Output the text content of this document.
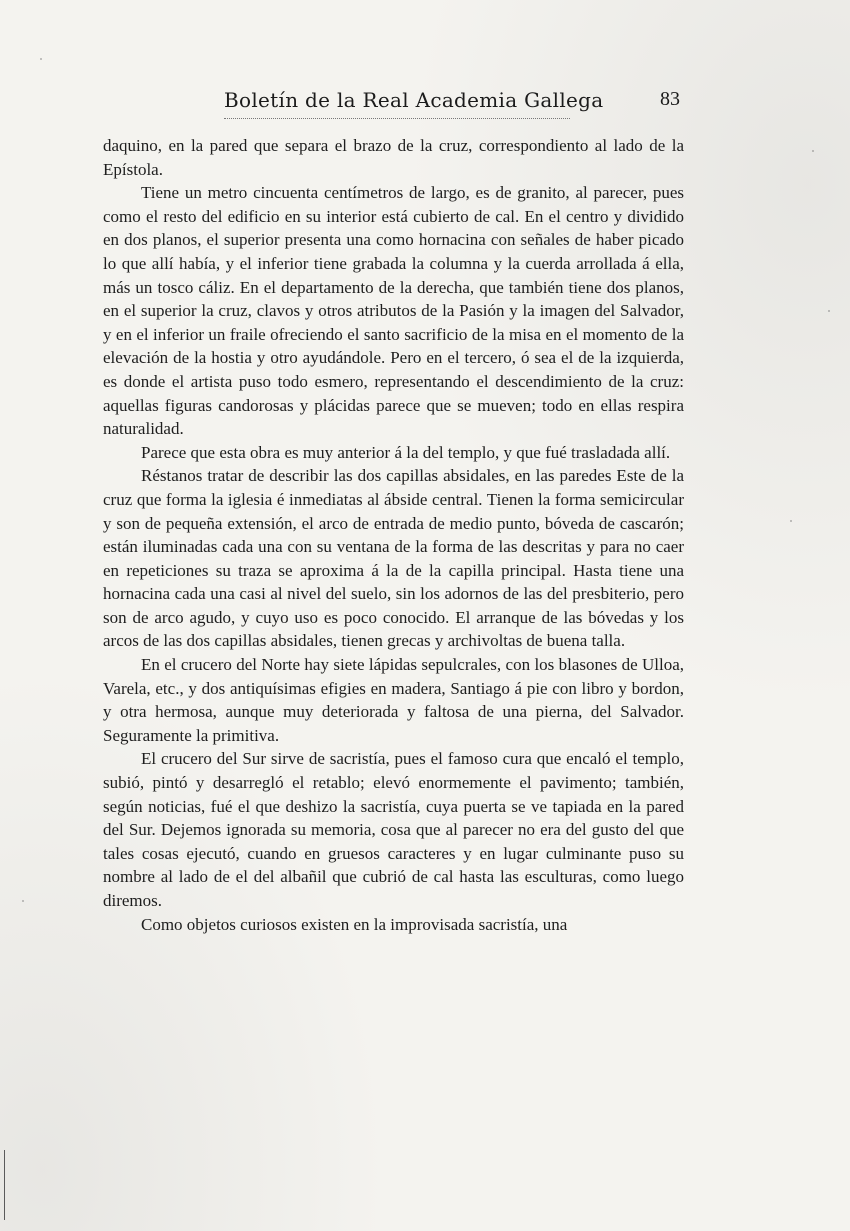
Boletín de la Real Academia Gallega	83

daquino, en la pared que separa el brazo de la cruz, correspondiento al lado de la Epístola.

Tiene un metro cincuenta centímetros de largo, es de granito, al parecer, pues como el resto del edificio en su interior está cubierto de cal. En el centro y dividido en dos planos, el superior presenta una como hornacina con señales de haber picado lo que allí había, y el inferior tiene grabada la columna y la cuerda arrollada á ella, más un tosco cáliz. En el departamento de la derecha, que también tiene dos planos, en el superior la cruz, clavos y otros atributos de la Pasión y la imagen del Salvador, y en el inferior un fraile ofreciendo el santo sacrificio de la misa en el momento de la elevación de la hostia y otro ayudándole. Pero en el tercero, ó sea el de la izquierda, es donde el artista puso todo esmero, representando el descendimiento de la cruz: aquellas figuras candorosas y plácidas parece que se mueven; todo en ellas respira naturalidad.

Parece que esta obra es muy anterior á la del templo, y que fué trasladada allí.

Réstanos tratar de describir las dos capillas absidales, en las paredes Este de la cruz que forma la iglesia é inmediatas al ábside central. Tienen la forma semicircular y son de pequeña extensión, el arco de entrada de medio punto, bóveda de cascarón; están iluminadas cada una con su ventana de la forma de las descritas y para no caer en repeticiones su traza se aproxima á la de la capilla principal. Hasta tiene una hornacina cada una casi al nivel del suelo, sin los adornos de las del presbiterio, pero son de arco agudo, y cuyo uso es poco conocido. El arranque de las bóvedas y los arcos de las dos capillas absidales, tienen grecas y archivoltas de buena talla.

En el crucero del Norte hay siete lápidas sepulcrales, con los blasones de Ulloa, Varela, etc., y dos antiquísimas efigies en madera, Santiago á pie con libro y bordon, y otra hermosa, aunque muy deteriorada y faltosa de una pierna, del Salvador. Seguramente la primitiva.

El crucero del Sur sirve de sacristía, pues el famoso cura que encaló el templo, subió, pintó y desarregló el retablo; elevó enormemente el pavimento; también, según noticias, fué el que deshizo la sacristía, cuya puerta se ve tapiada en la pared del Sur. Dejemos ignorada su memoria, cosa que al parecer no era del gusto del que tales cosas ejecutó, cuando en gruesos caracteres y en lugar culminante puso su nombre al lado de el del albañil que cubrió de cal hasta las esculturas, como luego diremos.

Como objetos curiosos existen en la improvisada sacristía, una
